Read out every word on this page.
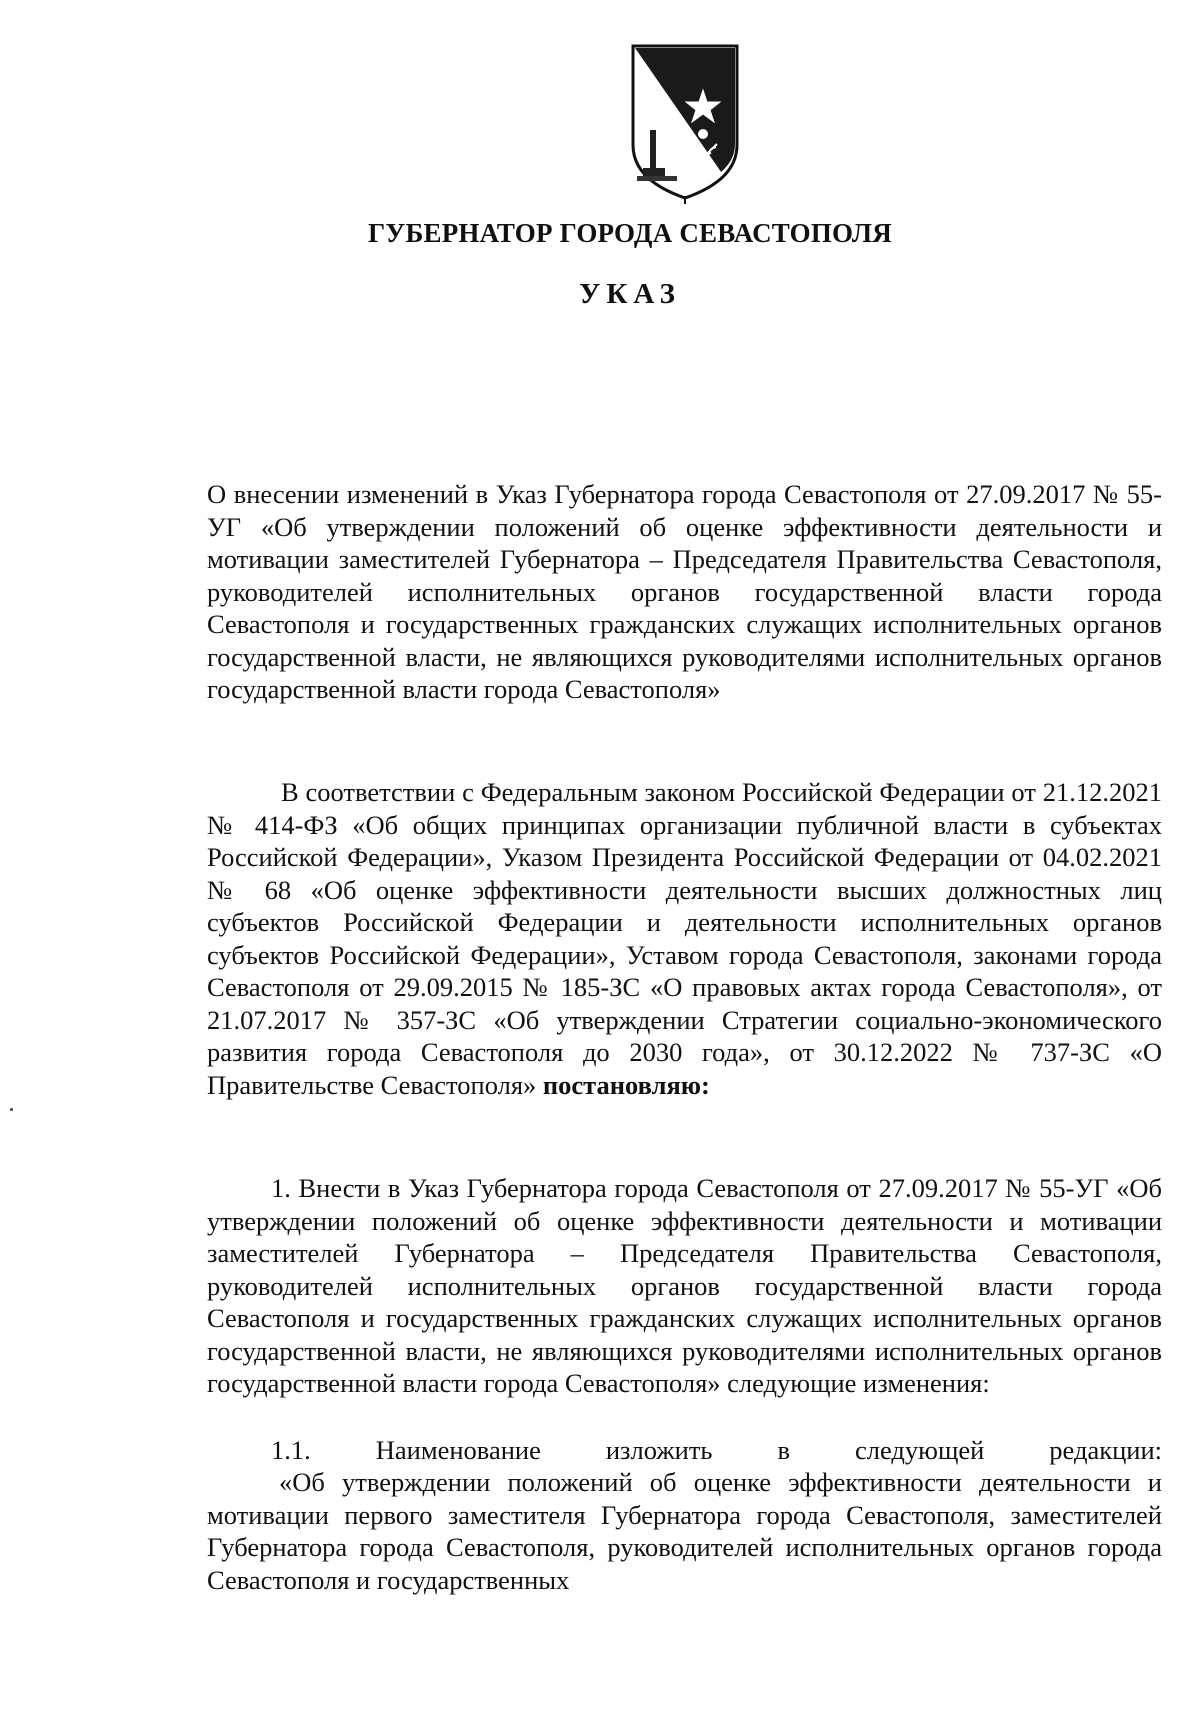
ГУБЕРНАТОР ГОРОДА СЕВАСТОПОЛЯ
УКАЗ
О внесении изменений в Указ Губернатора города Севастополя от 27.09.2017 № 55-УГ «Об утверждении положений об оценке эффективности деятельности и мотивации заместителей Губернатора – Председателя Правительства Севастополя, руководителей исполнительных органов государственной власти города Севастополя и государственных гражданских служащих исполнительных органов государственной власти, не являющихся руководителями исполнительных органов государственной власти города Севастополя»
В соответствии с Федеральным законом Российской Федерации от 21.12.2021 № 414-ФЗ «Об общих принципах организации публичной власти в субъектах Российской Федерации», Указом Президента Российской Федерации от 04.02.2021 № 68 «Об оценке эффективности деятельности высших должностных лиц субъектов Российской Федерации и деятельности исполнительных органов субъектов Российской Федерации», Уставом города Севастополя, законами города Севастополя от 29.09.2015 № 185-ЗС «О правовых актах города Севастополя», от 21.07.2017 № 357-ЗС «Об утверждении Стратегии социально-экономического развития города Севастополя до 2030 года», от 30.12.2022 № 737-ЗС «О Правительстве Севастополя» постановляю:
1. Внести в Указ Губернатора города Севастополя от 27.09.2017 № 55-УГ «Об утверждении положений об оценке эффективности деятельности и мотивации заместителей Губернатора – Председателя Правительства Севастополя, руководителей исполнительных органов государственной власти города Севастополя и государственных гражданских служащих исполнительных органов государственной власти, не являющихся руководителями исполнительных органов государственной власти города Севастополя» следующие изменения:
1.1. Наименование изложить в следующей редакции:
«Об утверждении положений об оценке эффективности деятельности и мотивации первого заместителя Губернатора города Севастополя, заместителей Губернатора города Севастополя, руководителей исполнительных органов города Севастополя и государственных
